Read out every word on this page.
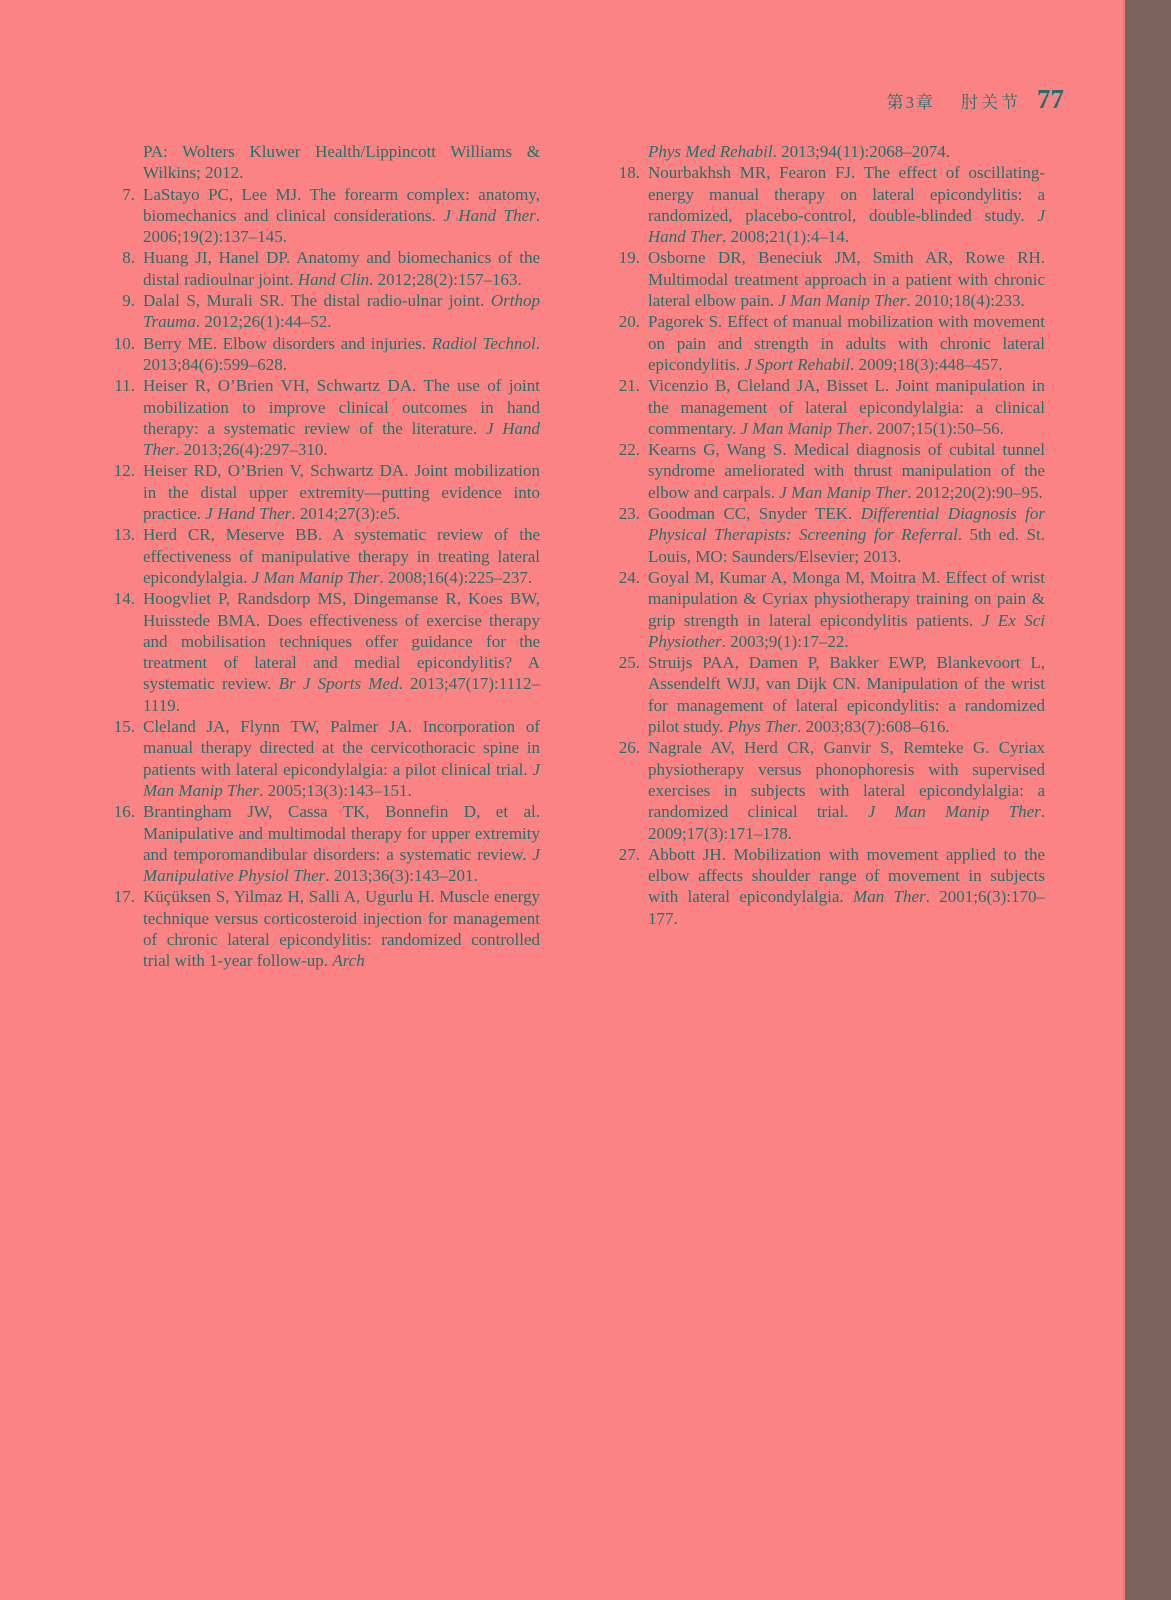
第3章 肘关节 77
PA: Wolters Kluwer Health/Lippincott Williams & Wilkins; 2012.
7. LaStayo PC, Lee MJ. The forearm complex: anatomy, biomechanics and clinical considerations. J Hand Ther. 2006;19(2):137–145.
8. Huang JI, Hanel DP. Anatomy and biomechanics of the distal radioulnar joint. Hand Clin. 2012;28(2):157–163.
9. Dalal S, Murali SR. The distal radio-ulnar joint. Orthop Trauma. 2012;26(1):44–52.
10. Berry ME. Elbow disorders and injuries. Radiol Technol. 2013;84(6):599–628.
11. Heiser R, O’Brien VH, Schwartz DA. The use of joint mobilization to improve clinical outcomes in hand therapy: a systematic review of the literature. J Hand Ther. 2013;26(4):297–310.
12. Heiser RD, O’Brien V, Schwartz DA. Joint mobilization in the distal upper extremity—putting evidence into practice. J Hand Ther. 2014;27(3):e5.
13. Herd CR, Meserve BB. A systematic review of the effectiveness of manipulative therapy in treating lateral epicondylalgia. J Man Manip Ther. 2008;16(4):225–237.
14. Hoogvliet P, Randsdorp MS, Dingemanse R, Koes BW, Huisstede BMA. Does effectiveness of exercise therapy and mobilisation techniques offer guidance for the treatment of lateral and medial epicondylitis? A systematic review. Br J Sports Med. 2013;47(17):1112–1119.
15. Cleland JA, Flynn TW, Palmer JA. Incorporation of manual therapy directed at the cervicothoracic spine in patients with lateral epicondylalgia: a pilot clinical trial. J Man Manip Ther. 2005;13(3):143–151.
16. Brantingham JW, Cassa TK, Bonnefin D, et al. Manipulative and multimodal therapy for upper extremity and temporomandibular disorders: a systematic review. J Manipulative Physiol Ther. 2013;36(3):143–201.
17. Küçüksen S, Yilmaz H, Salli A, Ugurlu H. Muscle energy technique versus corticosteroid injection for management of chronic lateral epicondylitis: randomized controlled trial with 1-year follow-up. Arch
Phys Med Rehabil. 2013;94(11):2068–2074.
18. Nourbakhsh MR, Fearon FJ. The effect of oscillating-energy manual therapy on lateral epicondylitis: a randomized, placebo-control, double-blinded study. J Hand Ther. 2008;21(1):4–14.
19. Osborne DR, Beneciuk JM, Smith AR, Rowe RH. Multimodal treatment approach in a patient with chronic lateral elbow pain. J Man Manip Ther. 2010;18(4):233.
20. Pagorek S. Effect of manual mobilization with movement on pain and strength in adults with chronic lateral epicondylitis. J Sport Rehabil. 2009;18(3):448–457.
21. Vicenzio B, Cleland JA, Bisset L. Joint manipulation in the management of lateral epicondylalgia: a clinical commentary. J Man Manip Ther. 2007;15(1):50–56.
22. Kearns G, Wang S. Medical diagnosis of cubital tunnel syndrome ameliorated with thrust manipulation of the elbow and carpals. J Man Manip Ther. 2012;20(2):90–95.
23. Goodman CC, Snyder TEK. Differential Diagnosis for Physical Therapists: Screening for Referral. 5th ed. St. Louis, MO: Saunders/Elsevier; 2013.
24. Goyal M, Kumar A, Monga M, Moitra M. Effect of wrist manipulation & Cyriax physiotherapy training on pain & grip strength in lateral epicondylitis patients. J Ex Sci Physiother. 2003;9(1):17–22.
25. Struijs PAA, Damen P, Bakker EWP, Blankevoort L, Assendelft WJJ, van Dijk CN. Manipulation of the wrist for management of lateral epicondylitis: a randomized pilot study. Phys Ther. 2003;83(7):608–616.
26. Nagrale AV, Herd CR, Ganvir S, Remteke G. Cyriax physiotherapy versus phonophoresis with supervised exercises in subjects with lateral epicondylalgia: a randomized clinical trial. J Man Manip Ther. 2009;17(3):171–178.
27. Abbott JH. Mobilization with movement applied to the elbow affects shoulder range of movement in subjects with lateral epicondylalgia. Man Ther. 2001;6(3):170–177.
